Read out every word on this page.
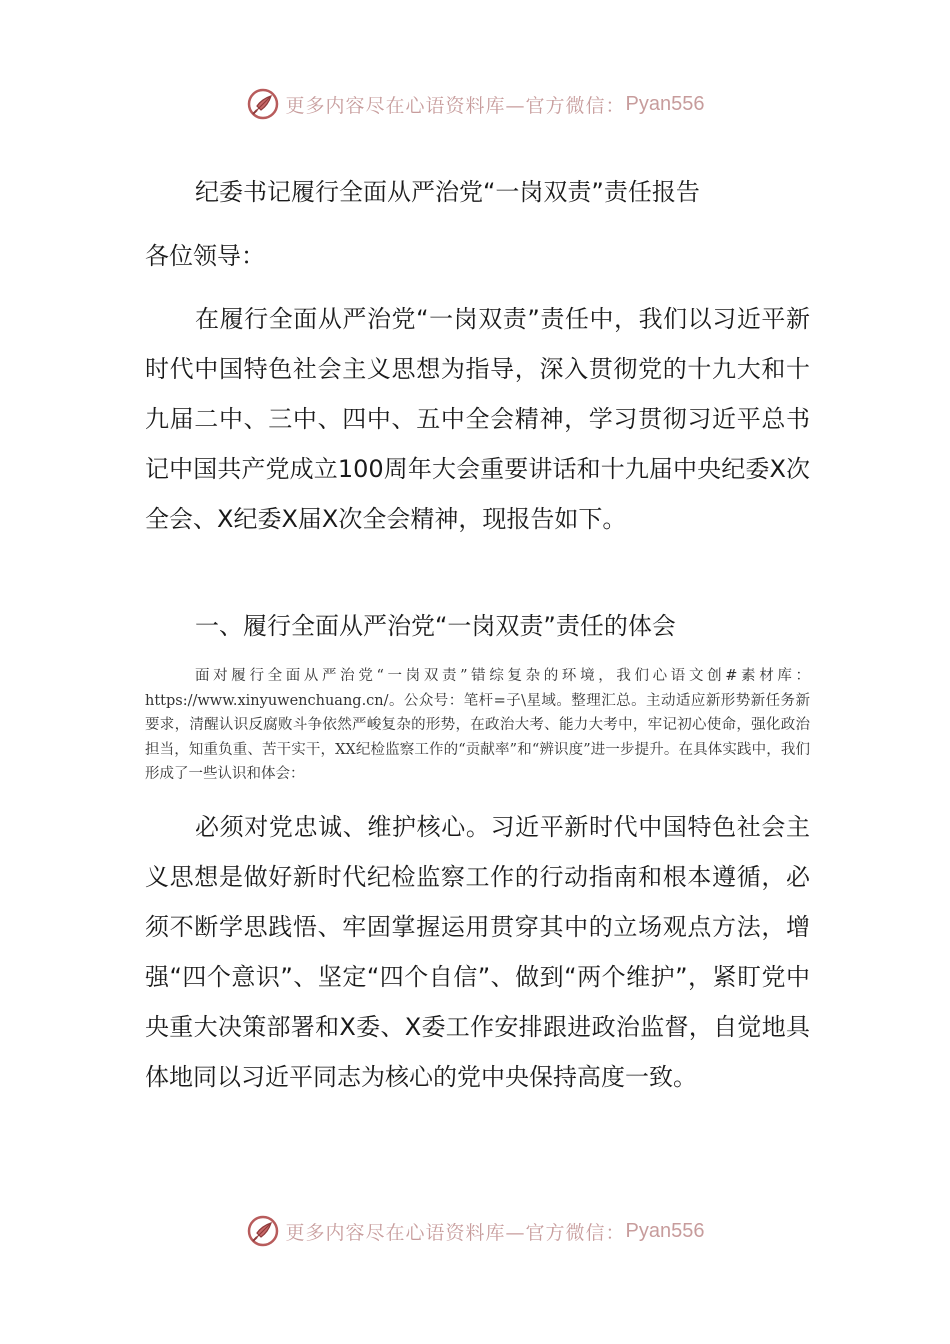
更多内容尽在心语资料库—官方微信： Pyan556
纪委书记履行全面从严治党“一岗双责”责任报告
各位领导：

在履行全面从严治党“一岗双责”责任中，我们以习近平新时代中国特色社会主义思想为指导，深入贯彻党的十九大和十九届二中、三中、四中、五中全会精神，学习贯彻习近平总书记中国共产党成立100周年大会重要讲话和十九届中央纪委X次全会、X纪委X届X次全会精神，现报告如下。

一、履行全面从严治党“一岗双责”责任的体会

面对履行全面从严治党“一岗双责”错综复杂的环境，我们心语文创#素材库：https://www.xinyuwenchuang.cn/。公众号：笔杆=子\星域。整理汇总。主动适应新形势新任务新要求，清醒认识反腐败斗争依然严峻复杂的形势，在政治大考、能力大考中，牢记初心使命，强化政治担当，知重负重、苦干实干，XX纪检监察工作的“贡献率”和“辨识度”进一步提升。在具体实践中，我们形成了一些认识和体会：

必须对党忠诚、维护核心。习近平新时代中国特色社会主义思想是做好新时代纪检监察工作的行动指南和根本遵循，必须不断学思践悟、牢固掌握运用贯穿其中的立场观点方法，增强“四个意识”、坚定“四个自信”、做到“两个维护”，紧盯党中央重大决策部署和X委、X委工作安排跟进政治监督，自觉地具体地同以习近平同志为核心的党中央保持高度一致。

更多内容尽在心语资料库—官方微信： Pyan556
